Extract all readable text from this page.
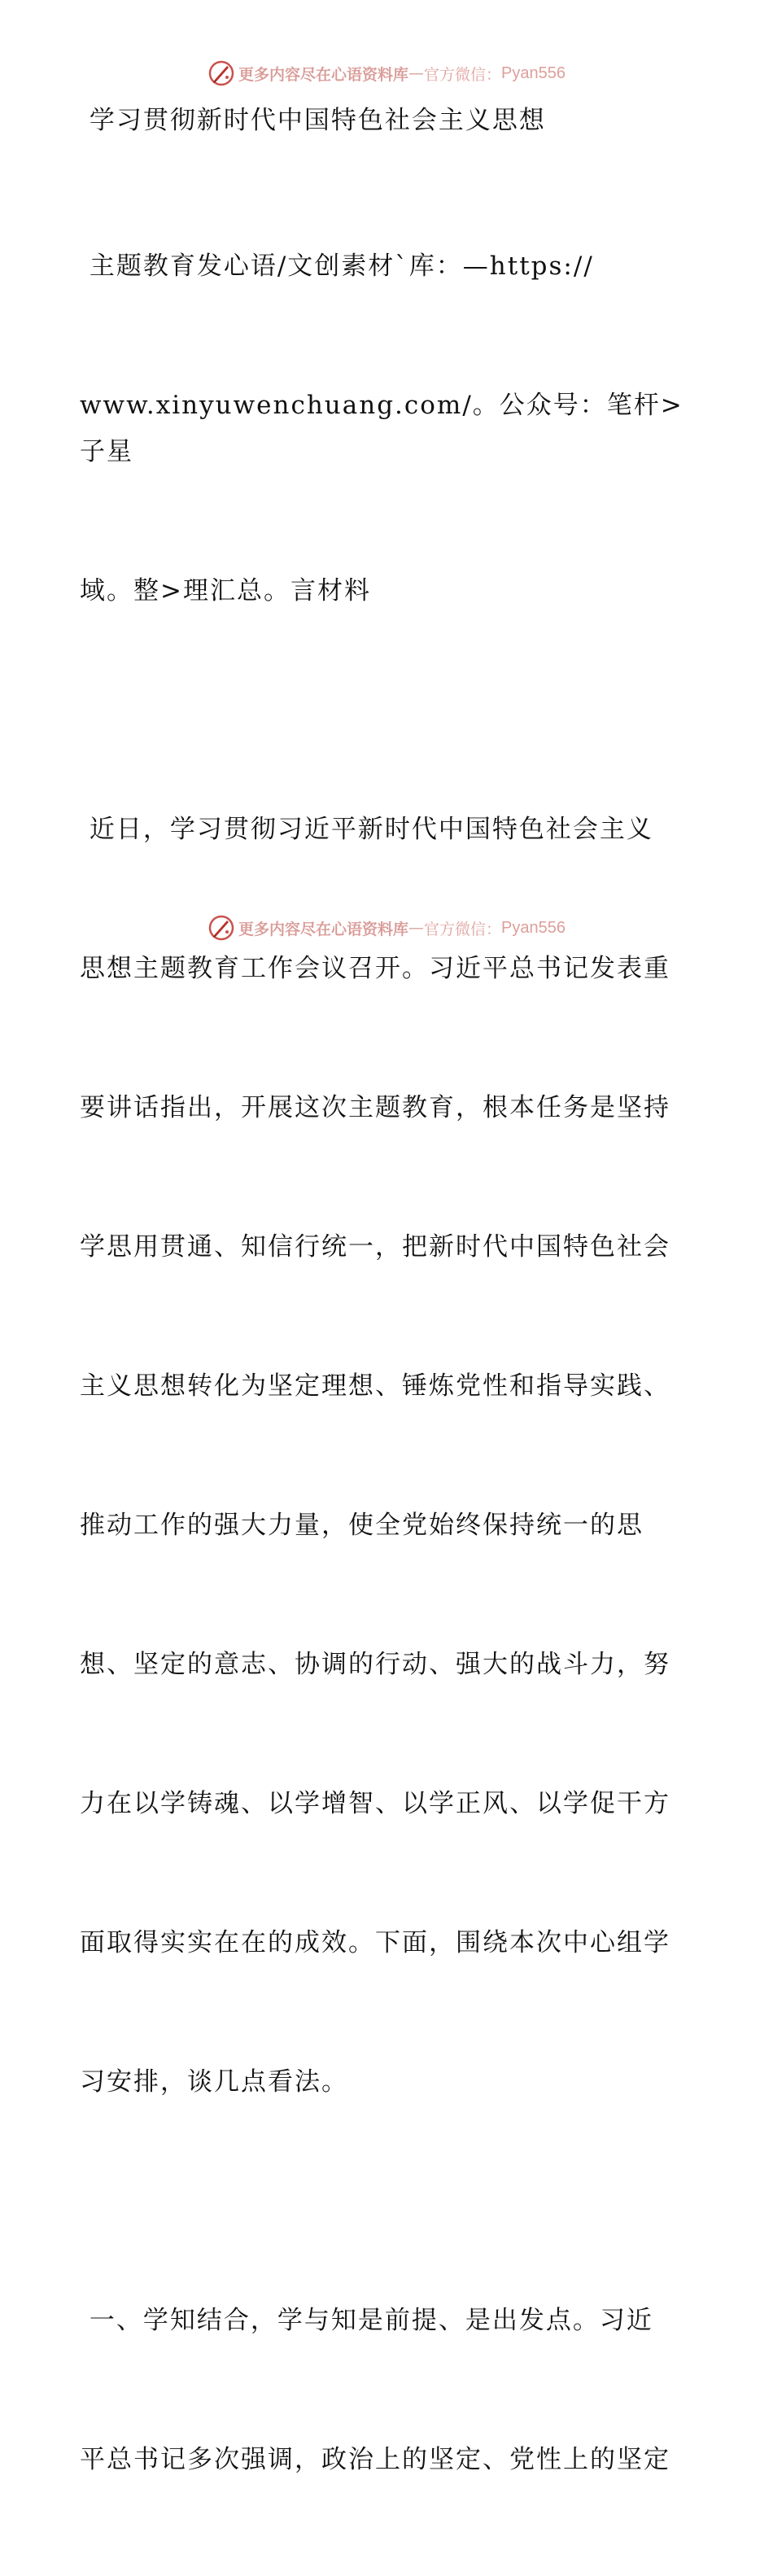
更多内容尽在心语资料库 — 官方微信： Pyan556

学习贯彻新时代中国特色社会主义思想

主题教育发心语/文创素材`库：—https://

www.xinyuwenchuang.com/。公众号：笔杆>子星

域。整>理汇总。言材料

近日，学习贯彻习近平新时代中国特色社会主义

思想主题教育工作会议召开。习近平总书记发表重

要讲话指出，开展这次主题教育，根本任务是坚持

学思用贯通、知信行统一，把新时代中国特色社会

主义思想转化为坚定理想、锤炼党性和指导实践、

推动工作的强大力量，使全党始终保持统一的思

想、坚定的意志、协调的行动、强大的战斗力，努

力在以学铸魂、以学增智、以学正风、以学促干方

面取得实实在在的成效。下面，围绕本次中心组学

习安排，谈几点看法。

一、学知结合，学与知是前提、是出发点。习近

平总书记多次强调，政治上的坚定、党性上的坚定

更多内容尽在心语资料库 — 官方微信： Pyan556
